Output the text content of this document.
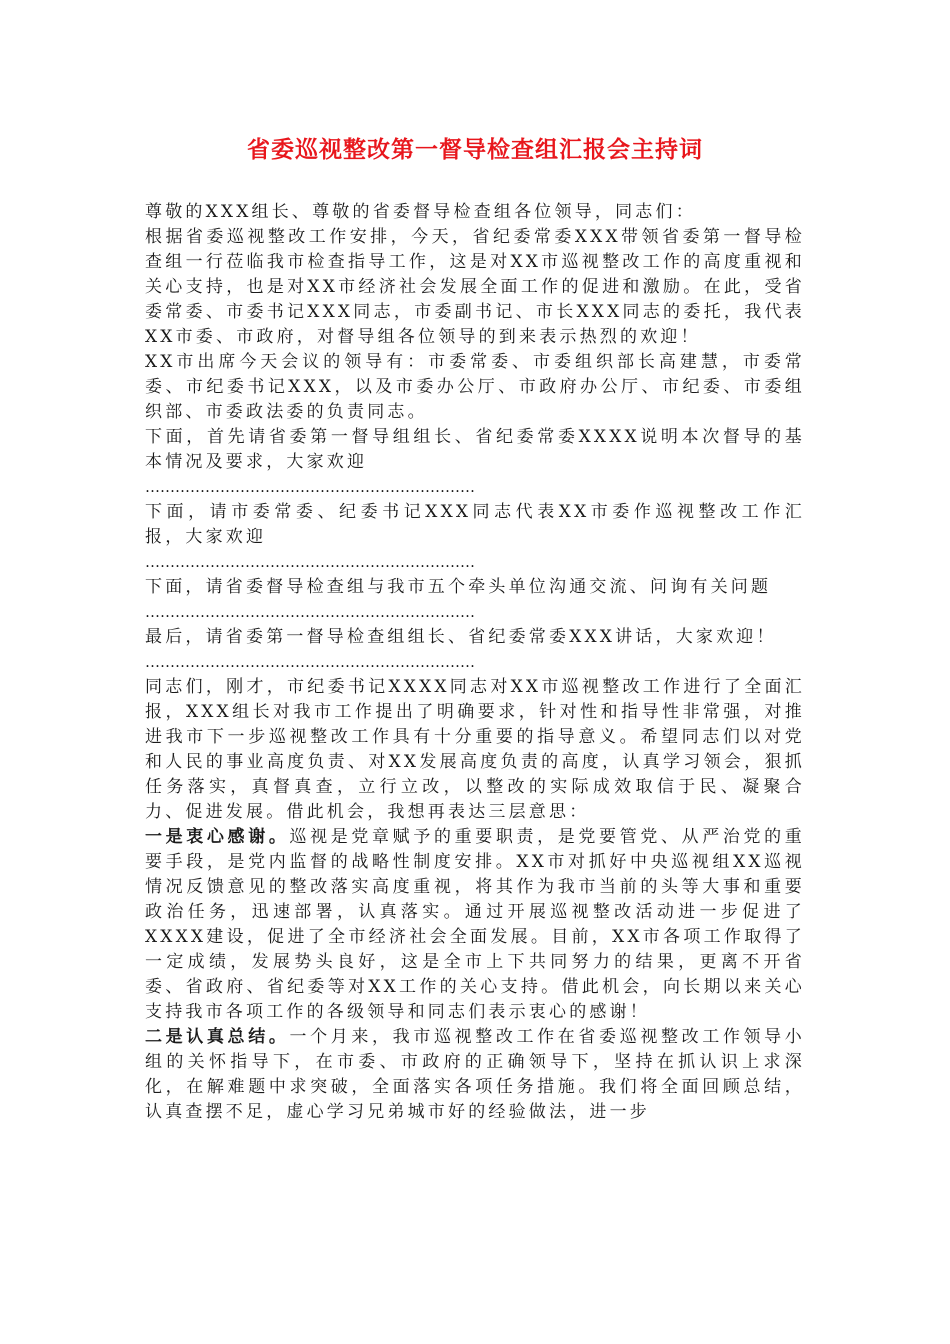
省委巡视整改第一督导检查组汇报会主持词

尊敬的XXX组长、尊敬的省委督导检查组各位领导，同志们：

根据省委巡视整改工作安排，今天，省纪委常委XXX带领省委第一督导检查组一行莅临我市检查指导工作，这是对XX市巡视整改工作的高度重视和关心支持，也是对XX市经济社会发展全面工作的促进和激励。在此，受省委常委、市委书记XXX同志，市委副书记、市长XXX同志的委托，我代表XX市委、市政府，对督导组各位领导的到来表示热烈的欢迎！

XX市出席今天会议的领导有：市委常委、市委组织部长高建慧，市委常委、市纪委书记XXX，以及市委办公厅、市政府办公厅、市纪委、市委组织部、市委政法委的负责同志。

下面，首先请省委第一督导组组长、省纪委常委XXXX说明本次督导的基本情况及要求，大家欢迎

…………………………………………………………

下面，请市委常委、纪委书记XXX同志代表XX市委作巡视整改工作汇报，大家欢迎

…………………………………………………………

下面，请省委督导检查组与我市五个牵头单位沟通交流、问询有关问题

…………………………………………………………

最后，请省委第一督导检查组组长、省纪委常委XXX讲话，大家欢迎！

…………………………………………………………

同志们，刚才，市纪委书记XXXX同志对XX市巡视整改工作进行了全面汇报，XXX组长对我市工作提出了明确要求，针对性和指导性非常强，对推进我市下一步巡视整改工作具有十分重要的指导意义。希望同志们以对党和人民的事业高度负责、对XX发展高度负责的高度，认真学习领会，狠抓任务落实，真督真查，立行立改，以整改的实际成效取信于民、凝聚合力、促进发展。借此机会，我想再表达三层意思：

一是衷心感谢。巡视是党章赋予的重要职责，是党要管党、从严治党的重要手段，是党内监督的战略性制度安排。XX市对抓好中央巡视组XX巡视情况反馈意见的整改落实高度重视，将其作为我市当前的头等大事和重要政治任务，迅速部署，认真落实。通过开展巡视整改活动进一步促进了XXXX建设，促进了全市经济社会全面发展。目前，XX市各项工作取得了一定成绩，发展势头良好，这是全市上下共同努力的结果，更离不开省委、省政府、省纪委等对XX工作的关心支持。借此机会，向长期以来关心支持我市各项工作的各级领导和同志们表示衷心的感谢！

二是认真总结。一个月来，我市巡视整改工作在省委巡视整改工作领导小组的关怀指导下，在市委、市政府的正确领导下，坚持在抓认识上求深化，在解难题中求突破，全面落实各项任务措施。我们将全面回顾总结，认真查摆不足，虚心学习兄弟城市好的经验做法，进一步
